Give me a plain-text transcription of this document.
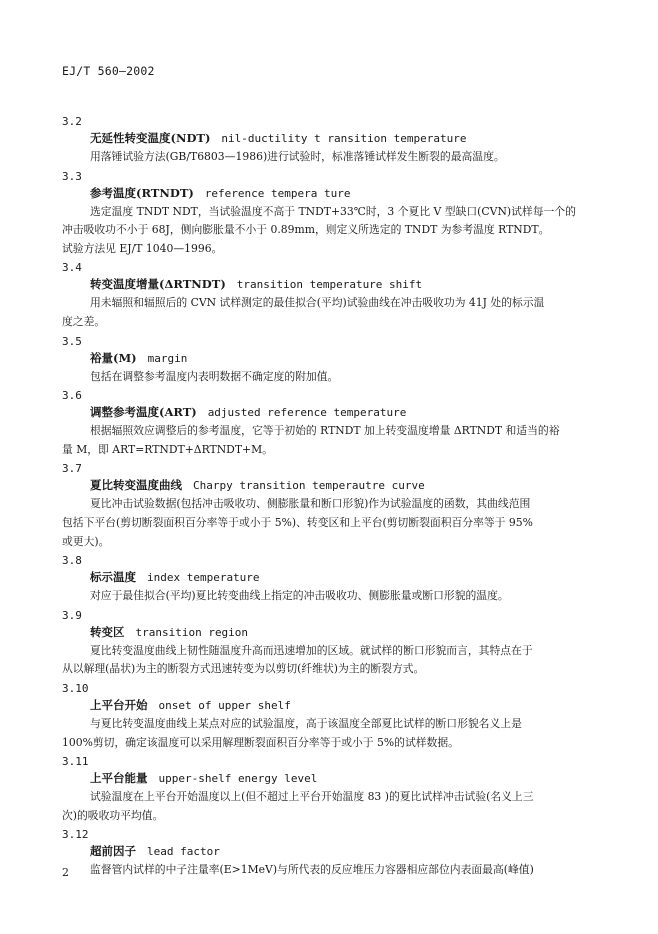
EJ/T 560—2002
3.2
无延性转变温度(NDT) nil-ductility t ransition temperature
用落锤试验方法(GB/T6803—1986)进行试验时，标准落锤试样发生断裂的最高温度。
3.3
参考温度(RTNDT) reference tempera ture
选定温度 TNDT NDT，当试验温度不高于 TNDT+33℃时，3 个夏比 V 型缺口(CVN)试样每一个的
冲击吸收功不小于 68J，侧向膨胀量不小于 0.89mm，则定义所选定的 TNDT 为参考温度 RTNDT。
试验方法见 EJ/T 1040—1996。
3.4
转变温度增量(ΔRTNDT) transition temperature shift
用未辐照和辐照后的 CVN 试样测定的最佳拟合(平均)试验曲线在冲击吸收功为 41J 处的标示温
度之差。
3.5
裕量(M) margin
包括在调整参考温度内表明数据不确定度的附加值。
3.6
调整参考温度(ART) adjusted reference temperature
根据辐照效应调整后的参考温度，它等于初始的 RTNDT 加上转变温度增量 ΔRTNDT 和适当的裕
量 M，即 ART=RTNDT+ΔRTNDT+M。
3.7
夏比转变温度曲线 Charpy transition temperautre curve
夏比冲击试验数据(包括冲击吸收功、侧膨胀量和断口形貌)作为试验温度的函数，其曲线范围
包括下平台(剪切断裂面积百分率等于或小于 5%)、转变区和上平台(剪切断裂面积百分率等于 95%
或更大)。
3.8
标示温度 index temperature
对应于最佳拟合(平均)夏比转变曲线上指定的冲击吸收功、侧膨胀量或断口形貌的温度。
3.9
转变区 transition region
夏比转变温度曲线上韧性随温度升高而迅速增加的区域。就试样的断口形貌而言，其特点在于
从以解理(晶状)为主的断裂方式迅速转变为以剪切(纤维状)为主的断裂方式。
3.10
上平台开始 onset of upper shelf
与夏比转变温度曲线上某点对应的试验温度，高于该温度全部夏比试样的断口形貌名义上是
100%剪切，确定该温度可以采用解理断裂面积百分率等于或小于 5%的试样数据。
3.11
上平台能量 upper-shelf energy level
试验温度在上平台开始温度以上(但不超过上平台开始温度 83 )的夏比试样冲击试验(名义上三
次)的吸收功平均值。
3.12
超前因子 lead factor
监督管内试样的中子注量率(E>1MeV)与所代表的反应堆压力容器相应部位内表面最高(峰值)
2
